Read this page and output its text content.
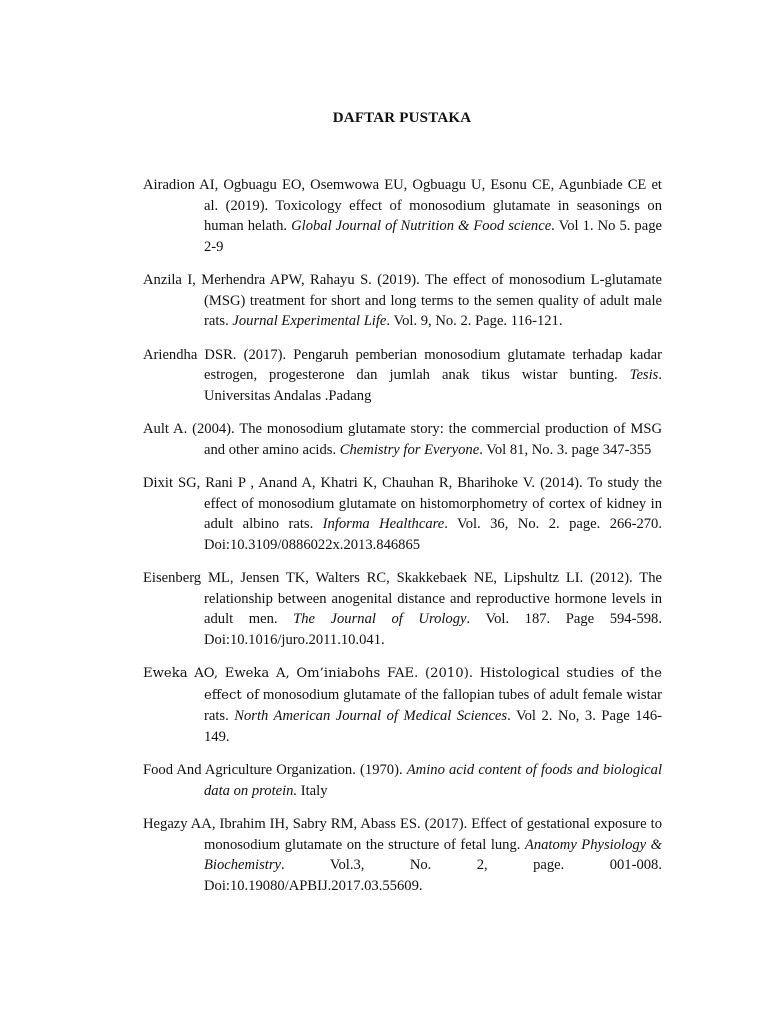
DAFTAR PUSTAKA

Airadion AI, Ogbuagu EO, Osemwowa EU, Ogbuagu U, Esonu CE, Agunbiade CE et al. (2019). Toxicology effect of monosodium glutamate in seasonings on human helath. Global Journal of Nutrition & Food science. Vol 1. No 5. page 2-9

Anzila I, Merhendra APW, Rahayu S. (2019). The effect of monosodium L-glutamate (MSG) treatment for short and long terms to the semen quality of adult male rats. Journal Experimental Life. Vol. 9, No. 2. Page. 116-121.

Ariendha DSR. (2017). Pengaruh pemberian monosodium glutamate terhadap kadar estrogen, progesterone dan jumlah anak tikus wistar bunting. Tesis. Universitas Andalas .Padang

Ault A. (2004). The monosodium glutamate story: the commercial production of MSG and other amino acids. Chemistry for Everyone. Vol 81, No. 3. page 347-355

Dixit SG, Rani P , Anand A, Khatri K, Chauhan R, Bharihoke V. (2014). To study the effect of monosodium glutamate on histomorphometry of cortex of kidney in adult albino rats. Informa Healthcare. Vol. 36, No. 2. page. 266-270. Doi:10.3109/0886022x.2013.846865

Eisenberg ML, Jensen TK, Walters RC, Skakkebaek NE, Lipshultz LI. (2012). The relationship between anogenital distance and reproductive hormone levels in adult men. The Journal of Urology. Vol. 187. Page 594-598. Doi:10.1016/juro.2011.10.041.

Eweka AO, Eweka A, Om’iniabohs FAE. (2010). Histological studies of the effect of monosodium glutamate of the fallopian tubes of adult female wistar rats. North American Journal of Medical Sciences. Vol 2. No, 3. Page 146-149.

Food And Agriculture Organization. (1970). Amino acid content of foods and biological data on protein. Italy

Hegazy AA, Ibrahim IH, Sabry RM, Abass ES. (2017). Effect of gestational exposure to monosodium glutamate on the structure of fetal lung. Anatomy Physiology & Biochemistry. Vol.3, No. 2, page. 001-008. Doi:10.19080/APBIJ.2017.03.55609.
